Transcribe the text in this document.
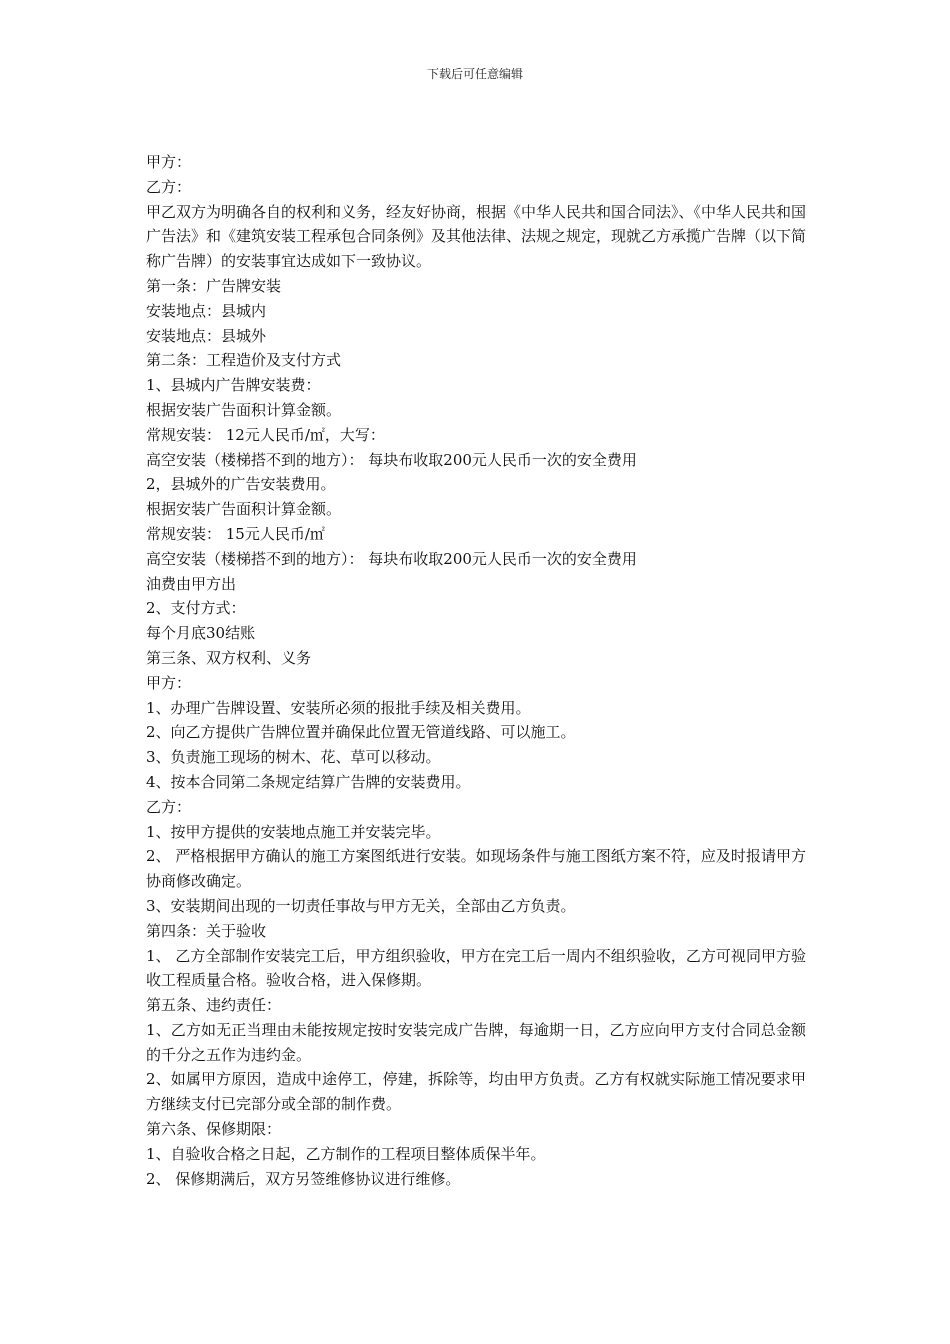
下载后可任意编辑
甲方：
乙方：
甲乙双方为明确各自的权利和义务，经友好协商，根据《中华人民共和国合同法》、《中华人民共和国广告法》和《建筑安装工程承包合同条例》及其他法律、法规之规定，现就乙方承揽广告牌（以下简称广告牌）的安装事宜达成如下一致协议。
第一条：广告牌安装
安装地点：县城内
安装地点：县城外
第二条：工程造价及支付方式
1、县城内广告牌安装费：
根据安装广告面积计算金额。
常规安装： 12元人民币/㎡，大写：
高空安装（楼梯搭不到的地方）： 每块布收取200元人民币一次的安全费用
2，县城外的广告安装费用。
根据安装广告面积计算金额。
常规安装： 15元人民币/㎡
高空安装（楼梯搭不到的地方）： 每块布收取200元人民币一次的安全费用
油费由甲方出
2、支付方式：
每个月底30结账
第三条、双方权利、义务
甲方：
1、办理广告牌设置、安装所必须的报批手续及相关费用。
2、向乙方提供广告牌位置并确保此位置无管道线路、可以施工。
3、负责施工现场的树木、花、草可以移动。
4、按本合同第二条规定结算广告牌的安装费用。
乙方：
1、按甲方提供的安装地点施工并安装完毕。
2、 严格根据甲方确认的施工方案图纸进行安装。如现场条件与施工图纸方案不符，应及时报请甲方协商修改确定。
3、安装期间出现的一切责任事故与甲方无关，全部由乙方负责。
第四条：关于验收
1、 乙方全部制作安装完工后，甲方组织验收，甲方在完工后一周内不组织验收，乙方可视同甲方验收工程质量合格。验收合格，进入保修期。
第五条、违约责任：
1、乙方如无正当理由未能按规定按时安装完成广告牌，每逾期一日，乙方应向甲方支付合同总金额的千分之五作为违约金。
2、如属甲方原因，造成中途停工，停建，拆除等，均由甲方负责。乙方有权就实际施工情况要求甲方继续支付已完部分或全部的制作费。
第六条、保修期限：
1、自验收合格之日起，乙方制作的工程项目整体质保半年。
2、 保修期满后，双方另签维修协议进行维修。
